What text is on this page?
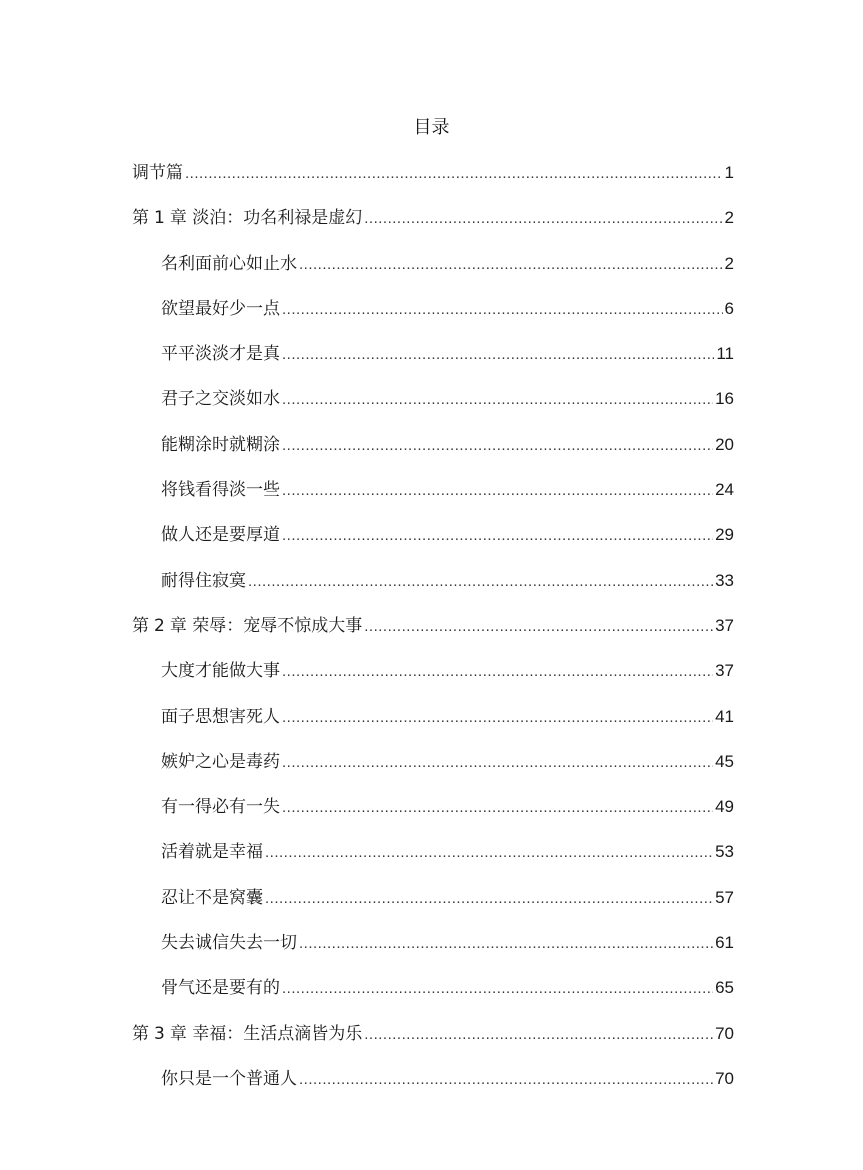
目录
调节篇 .....	1
第 1 章 淡泊：功名利禄是虚幻 .....	2
名利面前心如止水 .....	2
欲望最好少一点 .....	6
平平淡淡才是真 .....	11
君子之交淡如水 .....	16
能糊涂时就糊涂 .....	20
将钱看得淡一些 .....	24
做人还是要厚道 .....	29
耐得住寂寞 .....	33
第 2 章 荣辱：宠辱不惊成大事 .....	37
大度才能做大事 .....	37
面子思想害死人 .....	41
嫉妒之心是毒药 .....	45
有一得必有一失 .....	49
活着就是幸福 .....	53
忍让不是窝囊 .....	57
失去诚信失去一切 .....	61
骨气还是要有的 .....	65
第 3 章 幸福：生活点滴皆为乐 .....	70
你只是一个普通人 .....	70
